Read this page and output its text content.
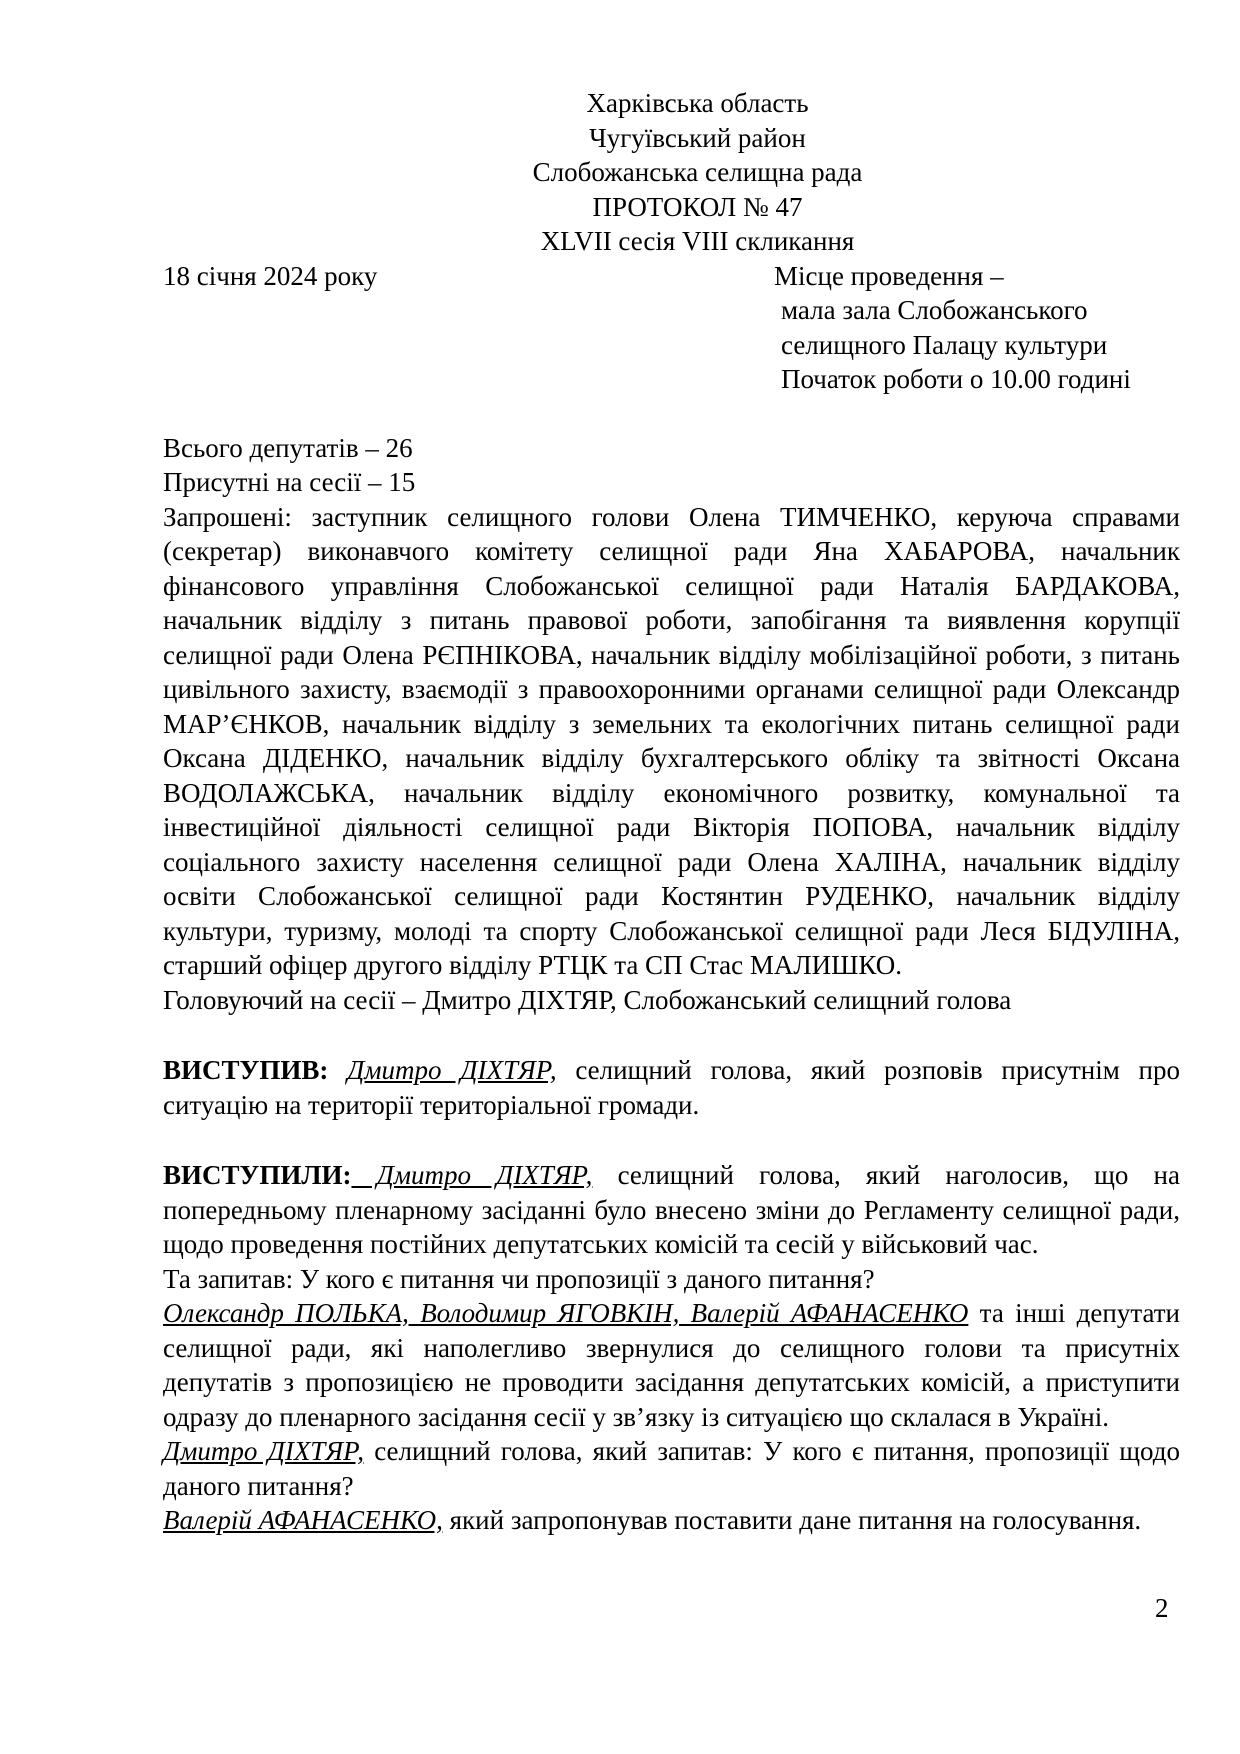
Харківська область
Чугуївський район
Слобожанська селищна рада
ПРОТОКОЛ № 47
XLVII сесія VIII скликання
18 січня 2024 року	Місце проведення –
мала зала Слобожанського
селищного Палацу культури
Початок роботи о 10.00 годині
Всього депутатів – 26
Присутні на сесії – 15
Запрошені: заступник селищного голови Олена ТИМЧЕНКО, керуюча справами (секретар) виконавчого комітету селищної ради Яна ХАБАРОВА, начальник фінансового управління Слобожанської селищної ради Наталія БАРДАКОВА, начальник відділу з питань правової роботи, запобігання та виявлення корупції селищної ради Олена РЄПНІКОВА, начальник відділу мобілізаційної роботи, з питань цивільного захисту, взаємодії з правоохоронними органами селищної ради Олександр МАР’ЄНКОВ, начальник відділу з земельних та екологічних питань селищної ради Оксана ДІДЕНКО, начальник відділу бухгалтерського обліку та звітності Оксана ВОДОЛАЖСЬКА, начальник відділу економічного розвитку, комунальної та інвестиційної діяльності селищної ради Вікторія ПОПОВА, начальник відділу соціального захисту населення селищної ради Олена ХАЛІНА, начальник відділу освіти Слобожанської селищної ради Костянтин РУДЕНКО, начальник відділу культури, туризму, молоді та спорту Слобожанської селищної ради Леся БІДУЛІНА, старший офіцер другого відділу РТЦК та СП Стас МАЛИШКО.
Головуючий на сесії – Дмитро ДІХТЯР, Слобожанський селищний голова
ВИСТУПИВ: Дмитро ДІХТЯР, селищний голова, який розповів присутнім про ситуацію на території територіальної громади.
ВИСТУПИЛИ: Дмитро ДІХТЯР, селищний голова, який наголосив, що на попередньому пленарному засіданні було внесено зміни до Регламенту селищної ради, щодо проведення постійних депутатських комісій та сесій у військовий час.
Та запитав: У кого є питання чи пропозиції з даного питання?
Олександр ПОЛЬКА, Володимир ЯГОВКІН, Валерій АФАНАСЕНКО та інші депутати селищної ради, які наполегливо звернулися до селищного голови та присутніх депутатів з пропозицією не проводити засідання депутатських комісій, а приступити одразу до пленарного засідання сесії у зв’язку із ситуацією що склалася в Україні.
Дмитро ДІХТЯР, селищний голова, який запитав: У кого є питання, пропозиції щодо даного питання?
Валерій АФАНАСЕНКО, який запропонував поставити дане питання на голосування.
2
